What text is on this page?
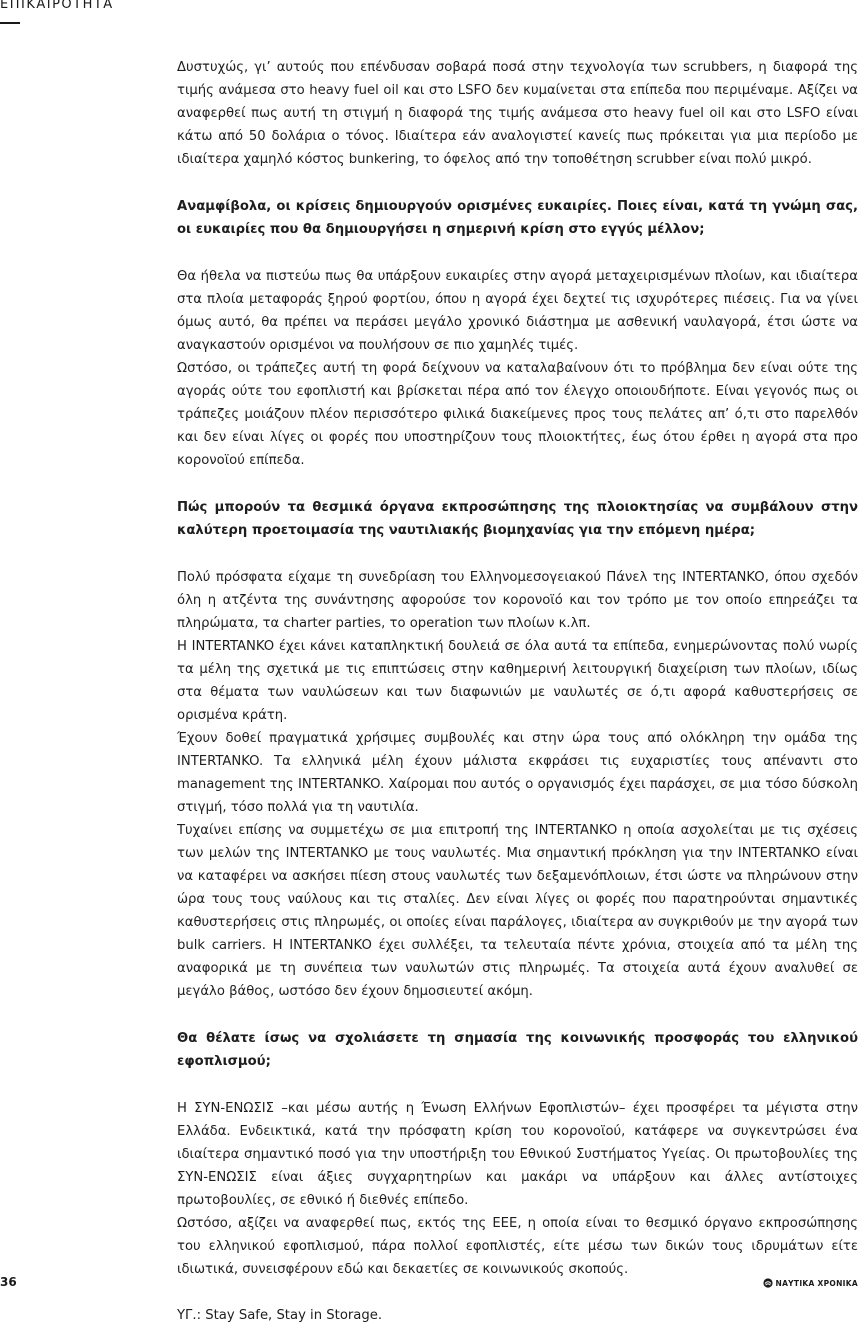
ΕΠΙΚΑΙΡΟΤΗΤΑ

Δυστυχώς, γι’ αυτούς που επένδυσαν σοβαρά ποσά στην τεχνολογία των scrubbers, η διαφορά της τιμής ανάμεσα στο heavy fuel oil και στο LSFO δεν κυμαίνεται στα επίπεδα που περιμέναμε. Αξίζει να αναφερθεί πως αυτή τη στιγμή η διαφορά της τιμής ανάμεσα στο heavy fuel oil και στο LSFO είναι κάτω από 50 δολάρια ο τόνος. Ιδιαίτερα εάν αναλογιστεί κανείς πως πρόκειται για μια περίοδο με ιδιαίτερα χαμηλό κόστος bunkering, το όφελος από την τοποθέτηση scrubber είναι πολύ μικρό.

Αναμφίβολα, οι κρίσεις δημιουργούν ορισμένες ευκαιρίες. Ποιες είναι, κατά τη γνώμη σας, οι ευκαιρίες που θα δημιουργήσει η σημερινή κρίση στο εγγύς μέλλον;

Θα ήθελα να πιστεύω πως θα υπάρξουν ευκαιρίες στην αγορά μεταχειρισμένων πλοίων, και ιδιαίτερα στα πλοία μεταφοράς ξηρού φορτίου, όπου η αγορά έχει δεχτεί τις ισχυρότερες πιέσεις. Για να γίνει όμως αυτό, θα πρέπει να περάσει μεγάλο χρονικό διάστημα με ασθενική ναυλαγορά, έτσι ώστε να αναγκαστούν ορισμένοι να πουλήσουν σε πιο χαμηλές τιμές.

Ωστόσο, οι τράπεζες αυτή τη φορά δείχνουν να καταλαβαίνουν ότι το πρόβλημα δεν είναι ούτε της αγοράς ούτε του εφοπλιστή και βρίσκεται πέρα από τον έλεγχο οποιουδήποτε. Είναι γεγονός πως οι τράπεζες μοιάζουν πλέον περισσότερο φιλικά διακείμενες προς τους πελάτες απ’ ό,τι στο παρελθόν και δεν είναι λίγες οι φορές που υποστηρίζουν τους πλοιοκτήτες, έως ότου έρθει η αγορά στα προ κορονοϊού επίπεδα.

Πώς μπορούν τα θεσμικά όργανα εκπροσώπησης της πλοιοκτησίας να συμβάλουν στην καλύτερη προετοιμασία της ναυτιλιακής βιομηχανίας για την επόμενη ημέρα;

Πολύ πρόσφατα είχαμε τη συνεδρίαση του Ελληνομεσογειακού Πάνελ της INTERTANKO, όπου σχεδόν όλη η ατζέντα της συνάντησης αφορούσε τον κορονοϊό και τον τρόπο με τον οποίο επηρεάζει τα πληρώματα, τα charter parties, το operation των πλοίων κ.λπ.

Η INTERTANKO έχει κάνει καταπληκτική δουλειά σε όλα αυτά τα επίπεδα, ενημερώνοντας πολύ νωρίς τα μέλη της σχετικά με τις επιπτώσεις στην καθημερινή λειτουργική διαχείριση των πλοίων, ιδίως στα θέματα των ναυλώσεων και των διαφωνιών με ναυλωτές σε ό,τι αφορά καθυστερήσεις σε ορισμένα κράτη.

Έχουν δοθεί πραγματικά χρήσιμες συμβουλές και στην ώρα τους από ολόκληρη την ομάδα της INTERTANKO. Τα ελληνικά μέλη έχουν μάλιστα εκφράσει τις ευχαριστίες τους απέναντι στο management της INTERTANKO. Χαίρομαι που αυτός ο οργανισμός έχει παράσχει, σε μια τόσο δύσκολη στιγμή, τόσο πολλά για τη ναυτιλία.

Τυχαίνει επίσης να συμμετέχω σε μια επιτροπή της INTERTANKO η οποία ασχολείται με τις σχέσεις των μελών της INTERTANKO με τους ναυλωτές. Μια σημαντική πρόκληση για την INTERTANKO είναι να καταφέρει να ασκήσει πίεση στους ναυλωτές των δεξαμενόπλοιων, έτσι ώστε να πληρώνουν στην ώρα τους τους ναύλους και τις σταλίες. Δεν είναι λίγες οι φορές που παρατηρούνται σημαντικές καθυστερήσεις στις πληρωμές, οι οποίες είναι παράλογες, ιδιαίτερα αν συγκριθούν με την αγορά των bulk carriers. Η INTERTANKO έχει συλλέξει, τα τελευταία πέντε χρόνια, στοιχεία από τα μέλη της αναφορικά με τη συνέπεια των ναυλωτών στις πληρωμές. Τα στοιχεία αυτά έχουν αναλυθεί σε μεγάλο βάθος, ωστόσο δεν έχουν δημοσιευτεί ακόμη.

Θα θέλατε ίσως να σχολιάσετε τη σημασία της κοινωνικής προσφοράς του ελληνικού εφοπλισμού;

Η ΣΥΝ-ΕΝΩΣΙΣ –και μέσω αυτής η Ένωση Ελλήνων Εφοπλιστών– έχει προσφέρει τα μέγιστα στην Ελλάδα. Ενδεικτικά, κατά την πρόσφατη κρίση του κορονοϊού, κατάφερε να συγκεντρώσει ένα ιδιαίτερα σημαντικό ποσό για την υποστήριξη του Εθνικού Συστήματος Υγείας. Οι πρωτοβουλίες της ΣΥΝ-ΕΝΩΣΙΣ είναι άξιες συγχαρητηρίων και μακάρι να υπάρξουν και άλλες αντίστοιχες πρωτοβουλίες, σε εθνικό ή διεθνές επίπεδο.

Ωστόσο, αξίζει να αναφερθεί πως, εκτός της ΕΕΕ, η οποία είναι το θεσμικό όργανο εκπροσώπησης του ελληνικού εφοπλισμού, πάρα πολλοί εφοπλιστές, είτε μέσω των δικών τους ιδρυμάτων είτε ιδιωτικά, συνεισφέρουν εδώ και δεκαετίες σε κοινωνικούς σκοπούς.

ΥΓ.: Stay Safe, Stay in Storage.

36	ΝΑΥΤΙΚΑ ΧΡΟΝΙΚΑ
